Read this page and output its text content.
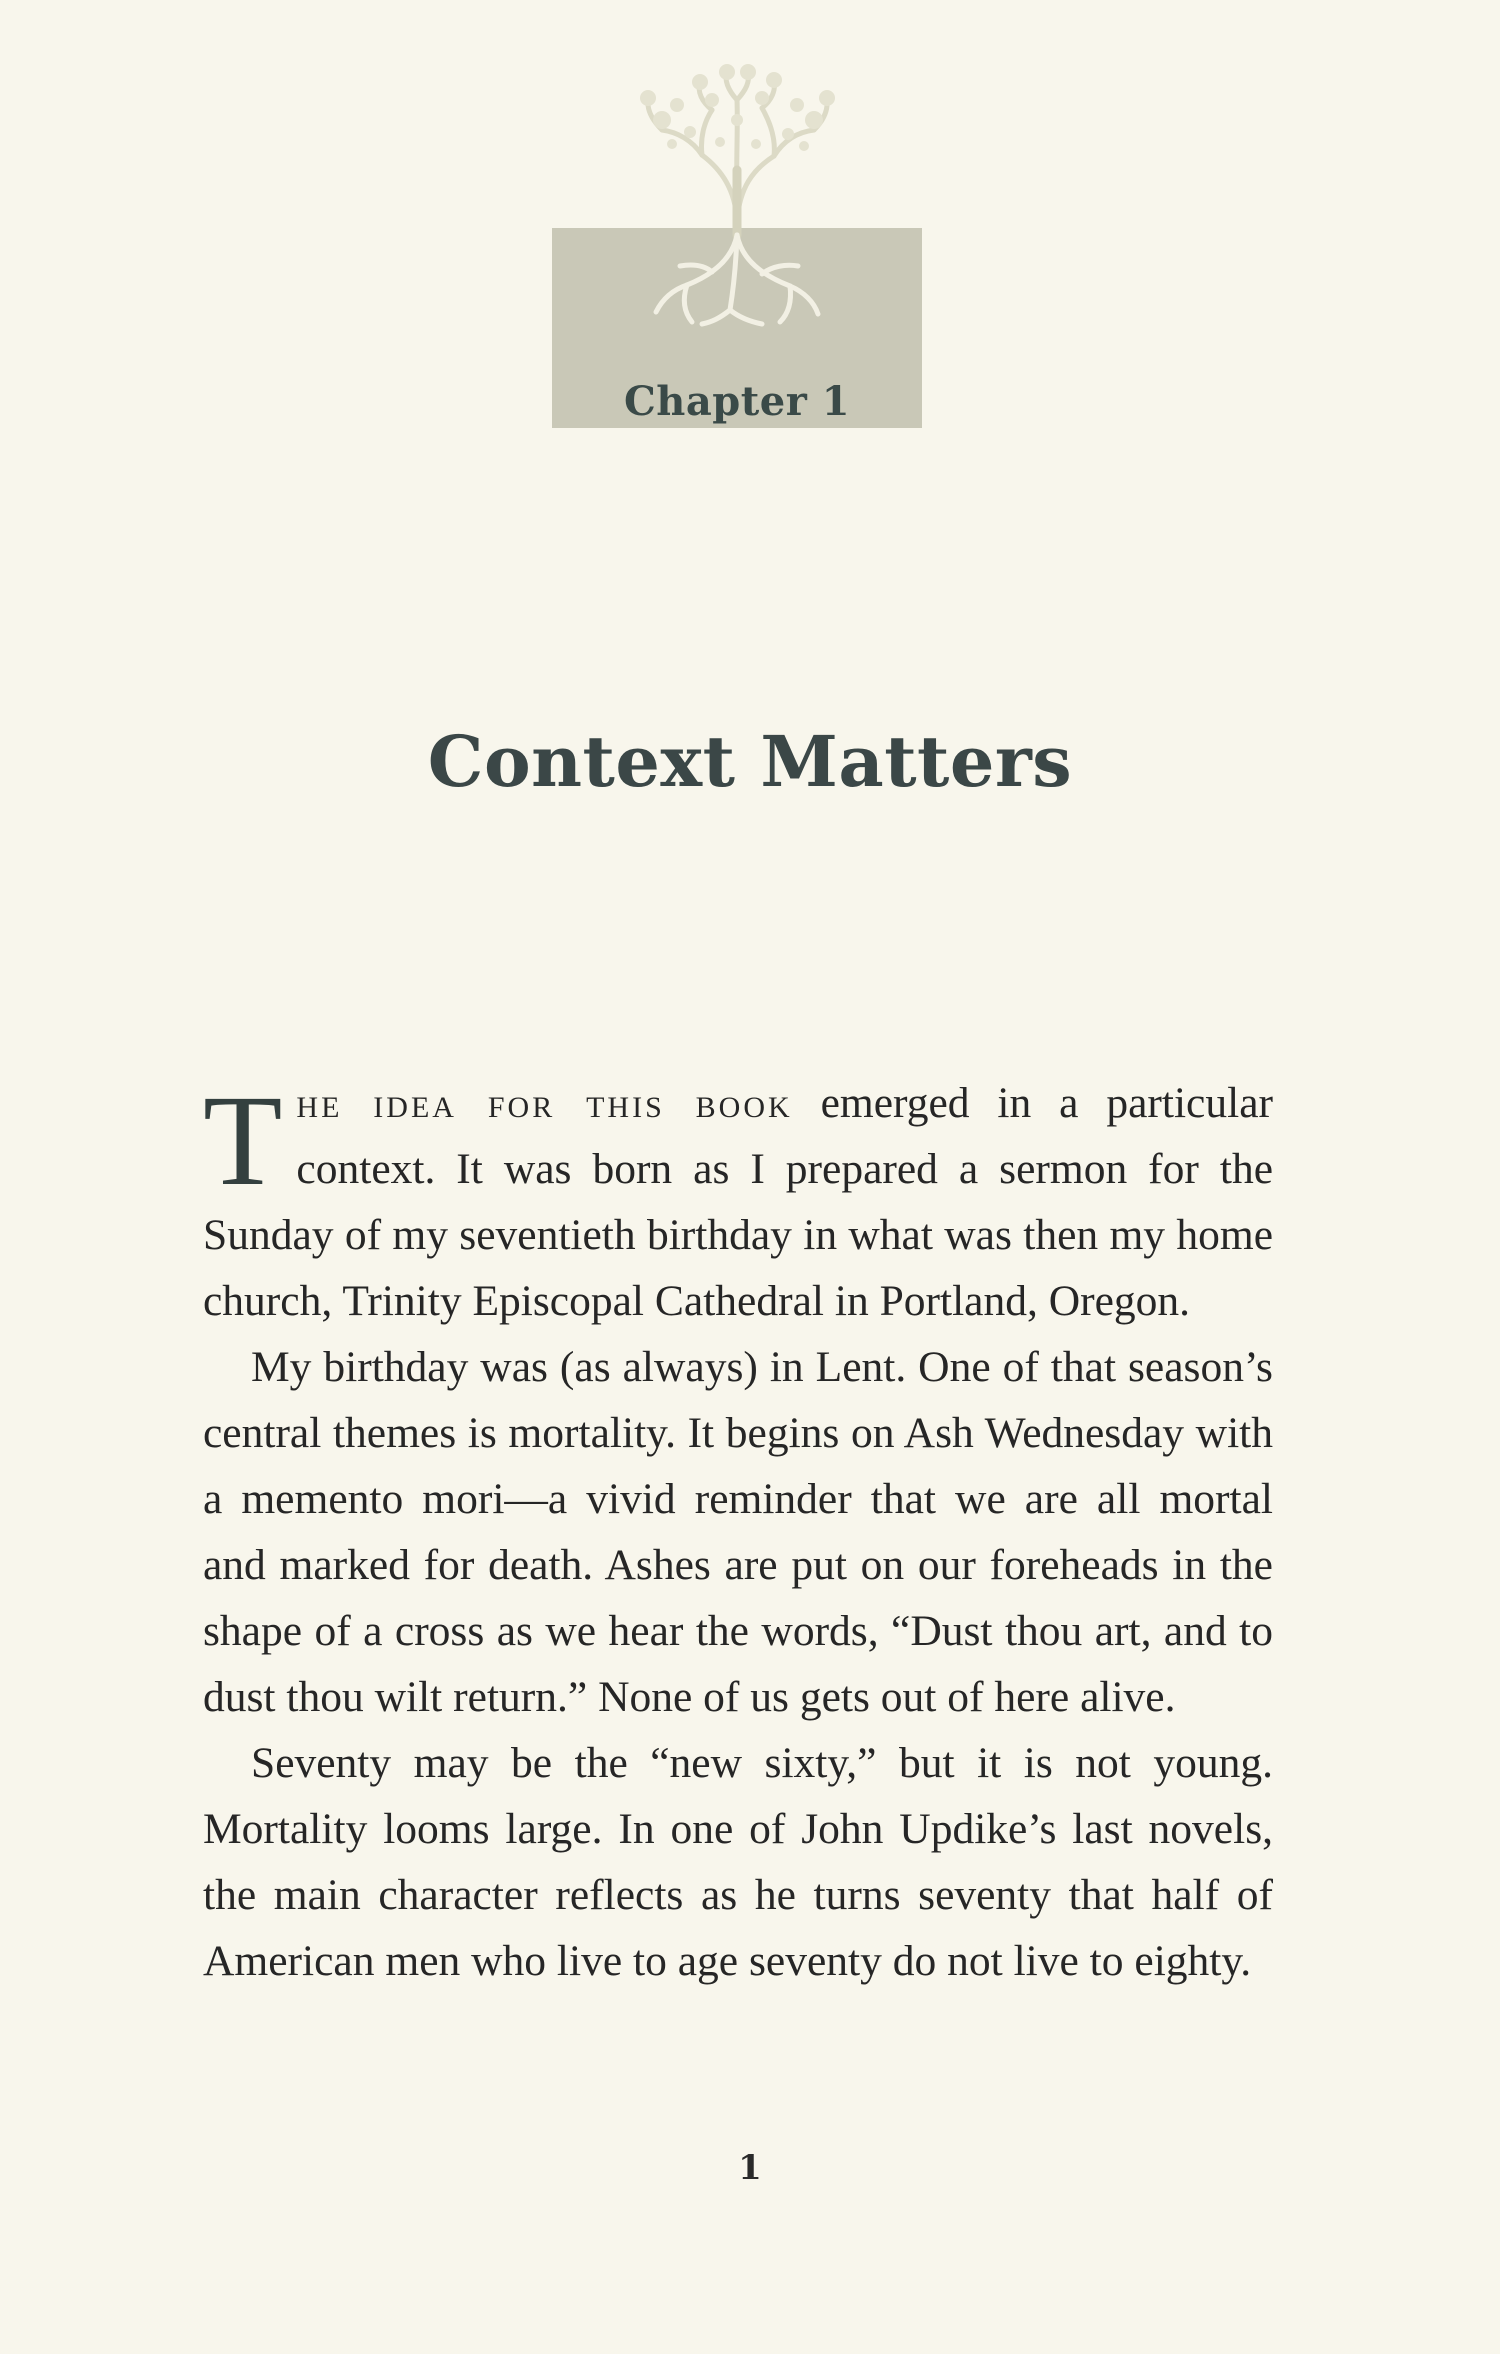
Chapter 1
Context Matters

The idea for this book emerged in a particular context. It was born as I prepared a sermon for the Sunday of my seventieth birthday in what was then my home church, Trinity Episcopal Cathedral in Portland, Oregon.

My birthday was (as always) in Lent. One of that season’s central themes is mortality. It begins on Ash Wednesday with a memento mori—a vivid reminder that we are all mortal and marked for death. Ashes are put on our foreheads in the shape of a cross as we hear the words, “Dust thou art, and to dust thou wilt return.” None of us gets out of here alive.

Seventy may be the “new sixty,” but it is not young. Mortality looms large. In one of John Updike’s last novels, the main character reflects as he turns seventy that half of American men who live to age seventy do not live to eighty.

1
